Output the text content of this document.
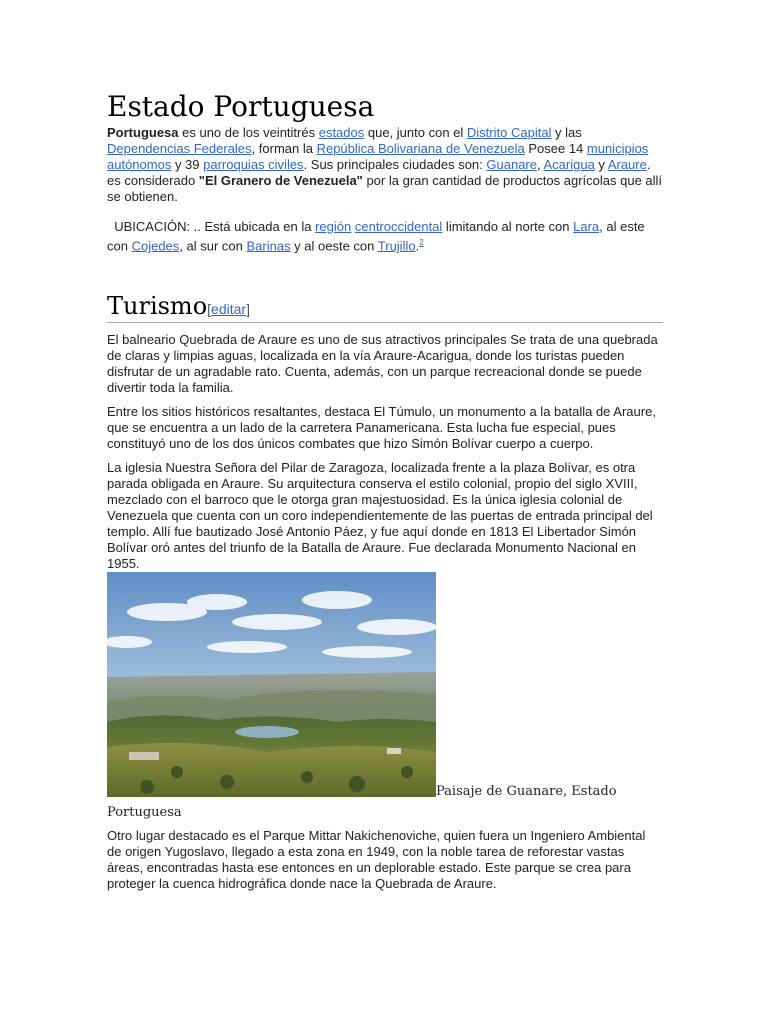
Estado Portuguesa

Portuguesa es uno de los veintitrés estados que, junto con el Distrito Capital y las Dependencias Federales, forman la República Bolivariana de Venezuela Posee 14 municipios autónomos y 39 parroquias civiles. Sus principales ciudades son: Guanare, Acarigua y Araure. es considerado "El Granero de Venezuela" por la gran cantidad de productos agrícolas que allí se obtienen.

UBICACIÓN: .. Está ubicada en la región centroccidental limitando al norte con Lara, al este con Cojedes, al sur con Barinas y al oeste con Trujillo.$^2$

Turismo[editar]

El balneario Quebrada de Araure es uno de sus atractivos principales Se trata de una quebrada de claras y limpias aguas, localizada en la vía Araure-Acarigua, donde los turistas pueden disfrutar de un agradable rato. Cuenta, además, con un parque recreacional donde se puede divertir toda la familia.

Entre los sitios históricos resaltantes, destaca El Túmulo, un monumento a la batalla de Araure, que se encuentra a un lado de la carretera Panamericana. Esta lucha fue especial, pues constituyó uno de los dos únicos combates que hizo Simón Bolívar cuerpo a cuerpo.

La iglesia Nuestra Señora del Pilar de Zaragoza, localizada frente a la plaza Bolívar, es otra parada obligada en Araure. Su arquitectura conserva el estilo colonial, propio del siglo XVIII, mezclado con el barroco que le otorga gran majestuosidad. Es la única iglesia colonial de Venezuela que cuenta con un coro independientemente de las puertas de entrada principal del templo. Allí fue bautizado José Antonio Páez, y fue aquí donde en 1813 El Libertador Simón Bolívar oró antes del triunfo de la Batalla de Araure. Fue declarada Monumento Nacional en 1955.

Paisaje de Guanare, Estado
Portuguesa

Otro lugar destacado es el Parque Mittar Nakichenoviche, quien fuera un Ingeniero Ambiental de origen Yugoslavo, llegado a esta zona en 1949, con la noble tarea de reforestar vastas áreas, encontradas hasta ese entonces en un deplorable estado. Este parque se crea para proteger la cuenca hidrográfica donde nace la Quebrada de Araure.
